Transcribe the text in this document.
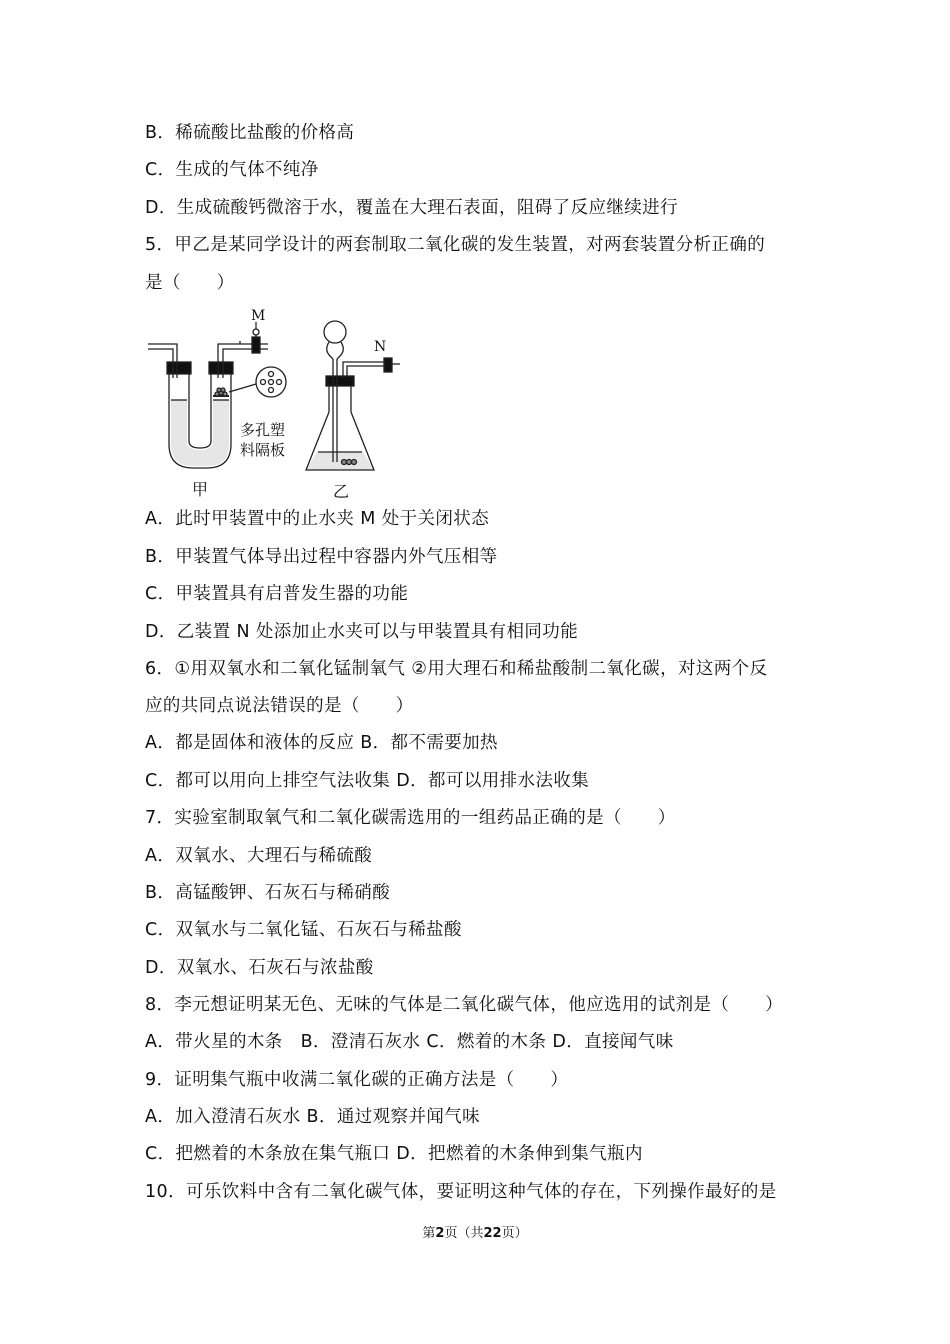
B．稀硫酸比盐酸的价格高
C．生成的气体不纯净
D．生成硫酸钙微溶于水，覆盖在大理石表面，阻碍了反应继续进行
5．甲乙是某同学设计的两套制取二氧化碳的发生装置，对两套装置分析正确的
是（　　）
A．此时甲装置中的止水夹 M 处于关闭状态
B．甲装置气体导出过程中容器内外气压相等
C．甲装置具有启普发生器的功能
D．乙装置 N 处添加止水夹可以与甲装置具有相同功能
6．①用双氧水和二氧化锰制氧气 ②用大理石和稀盐酸制二氧化碳，对这两个反
应的共同点说法错误的是（　　）
A．都是固体和液体的反应 B．都不需要加热
C．都可以用向上排空气法收集 D．都可以用排水法收集
7．实验室制取氧气和二氧化碳需选用的一组药品正确的是（　　）
A．双氧水、大理石与稀硫酸
B．高锰酸钾、石灰石与稀硝酸
C．双氧水与二氧化锰、石灰石与稀盐酸
D．双氧水、石灰石与浓盐酸
8．李元想证明某无色、无味的气体是二氧化碳气体，他应选用的试剂是（　　）
A．带火星的木条　B．澄清石灰水 C．燃着的木条 D．直接闻气味
9．证明集气瓶中收满二氧化碳的正确方法是（　　）
A．加入澄清石灰水 B．通过观察并闻气味
C．把燃着的木条放在集气瓶口 D．把燃着的木条伸到集气瓶内
10．可乐饮料中含有二氧化碳气体，要证明这种气体的存在，下列操作最好的是
M
N
多孔塑
料隔板
甲	乙
第2页（共22页）
